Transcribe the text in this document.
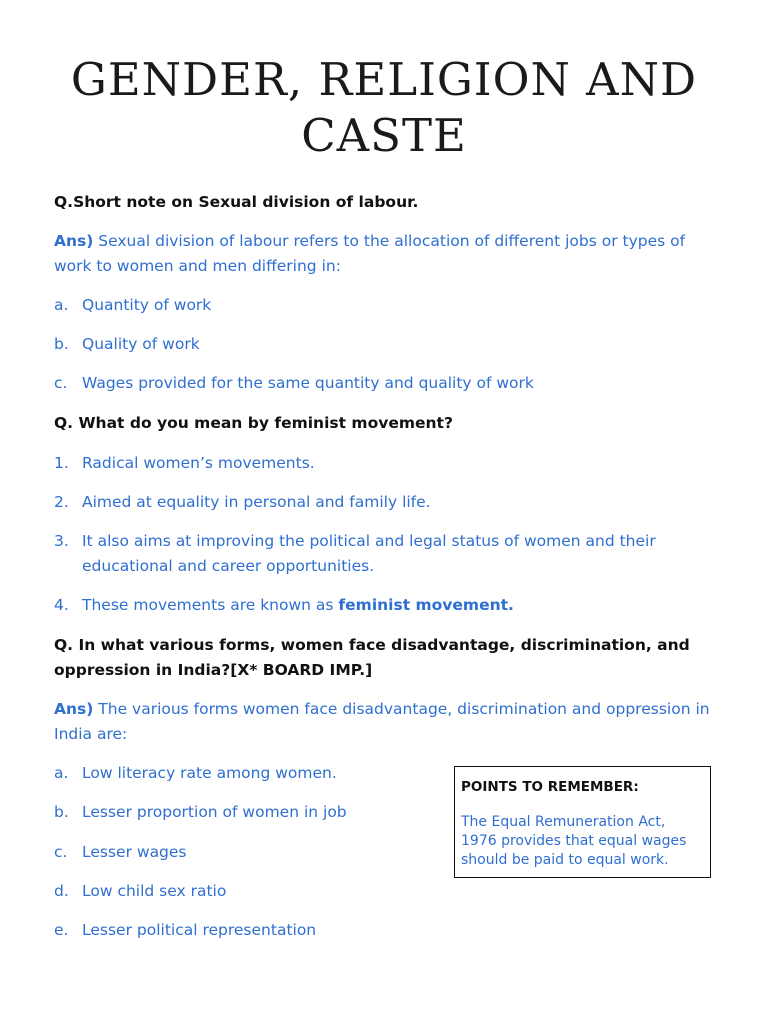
GENDER, RELIGION AND CASTE

Q.Short note on Sexual division of labour.

Ans) Sexual division of labour refers to the allocation of different jobs or types of work to women and men differing in:

a. Quantity of work
b. Quality of work
c. Wages provided for the same quantity and quality of work

Q. What do you mean by feminist movement?

1. Radical women’s movements.
2. Aimed at equality in personal and family life.
3. It also aims at improving the political and legal status of women and their educational and career opportunities.
4. These movements are known as feminist movement.

Q. In what various forms, women face disadvantage, discrimination, and oppression in India?[X* BOARD IMP.]

Ans) The various forms women face disadvantage, discrimination and oppression in India are:

a. Low literacy rate among women.
b. Lesser proportion of women in job
c. Lesser wages
d. Low child sex ratio
e. Lesser political representation

POINTS TO REMEMBER:

The Equal Remuneration Act, 1976 provides that equal wages should be paid to equal work.
